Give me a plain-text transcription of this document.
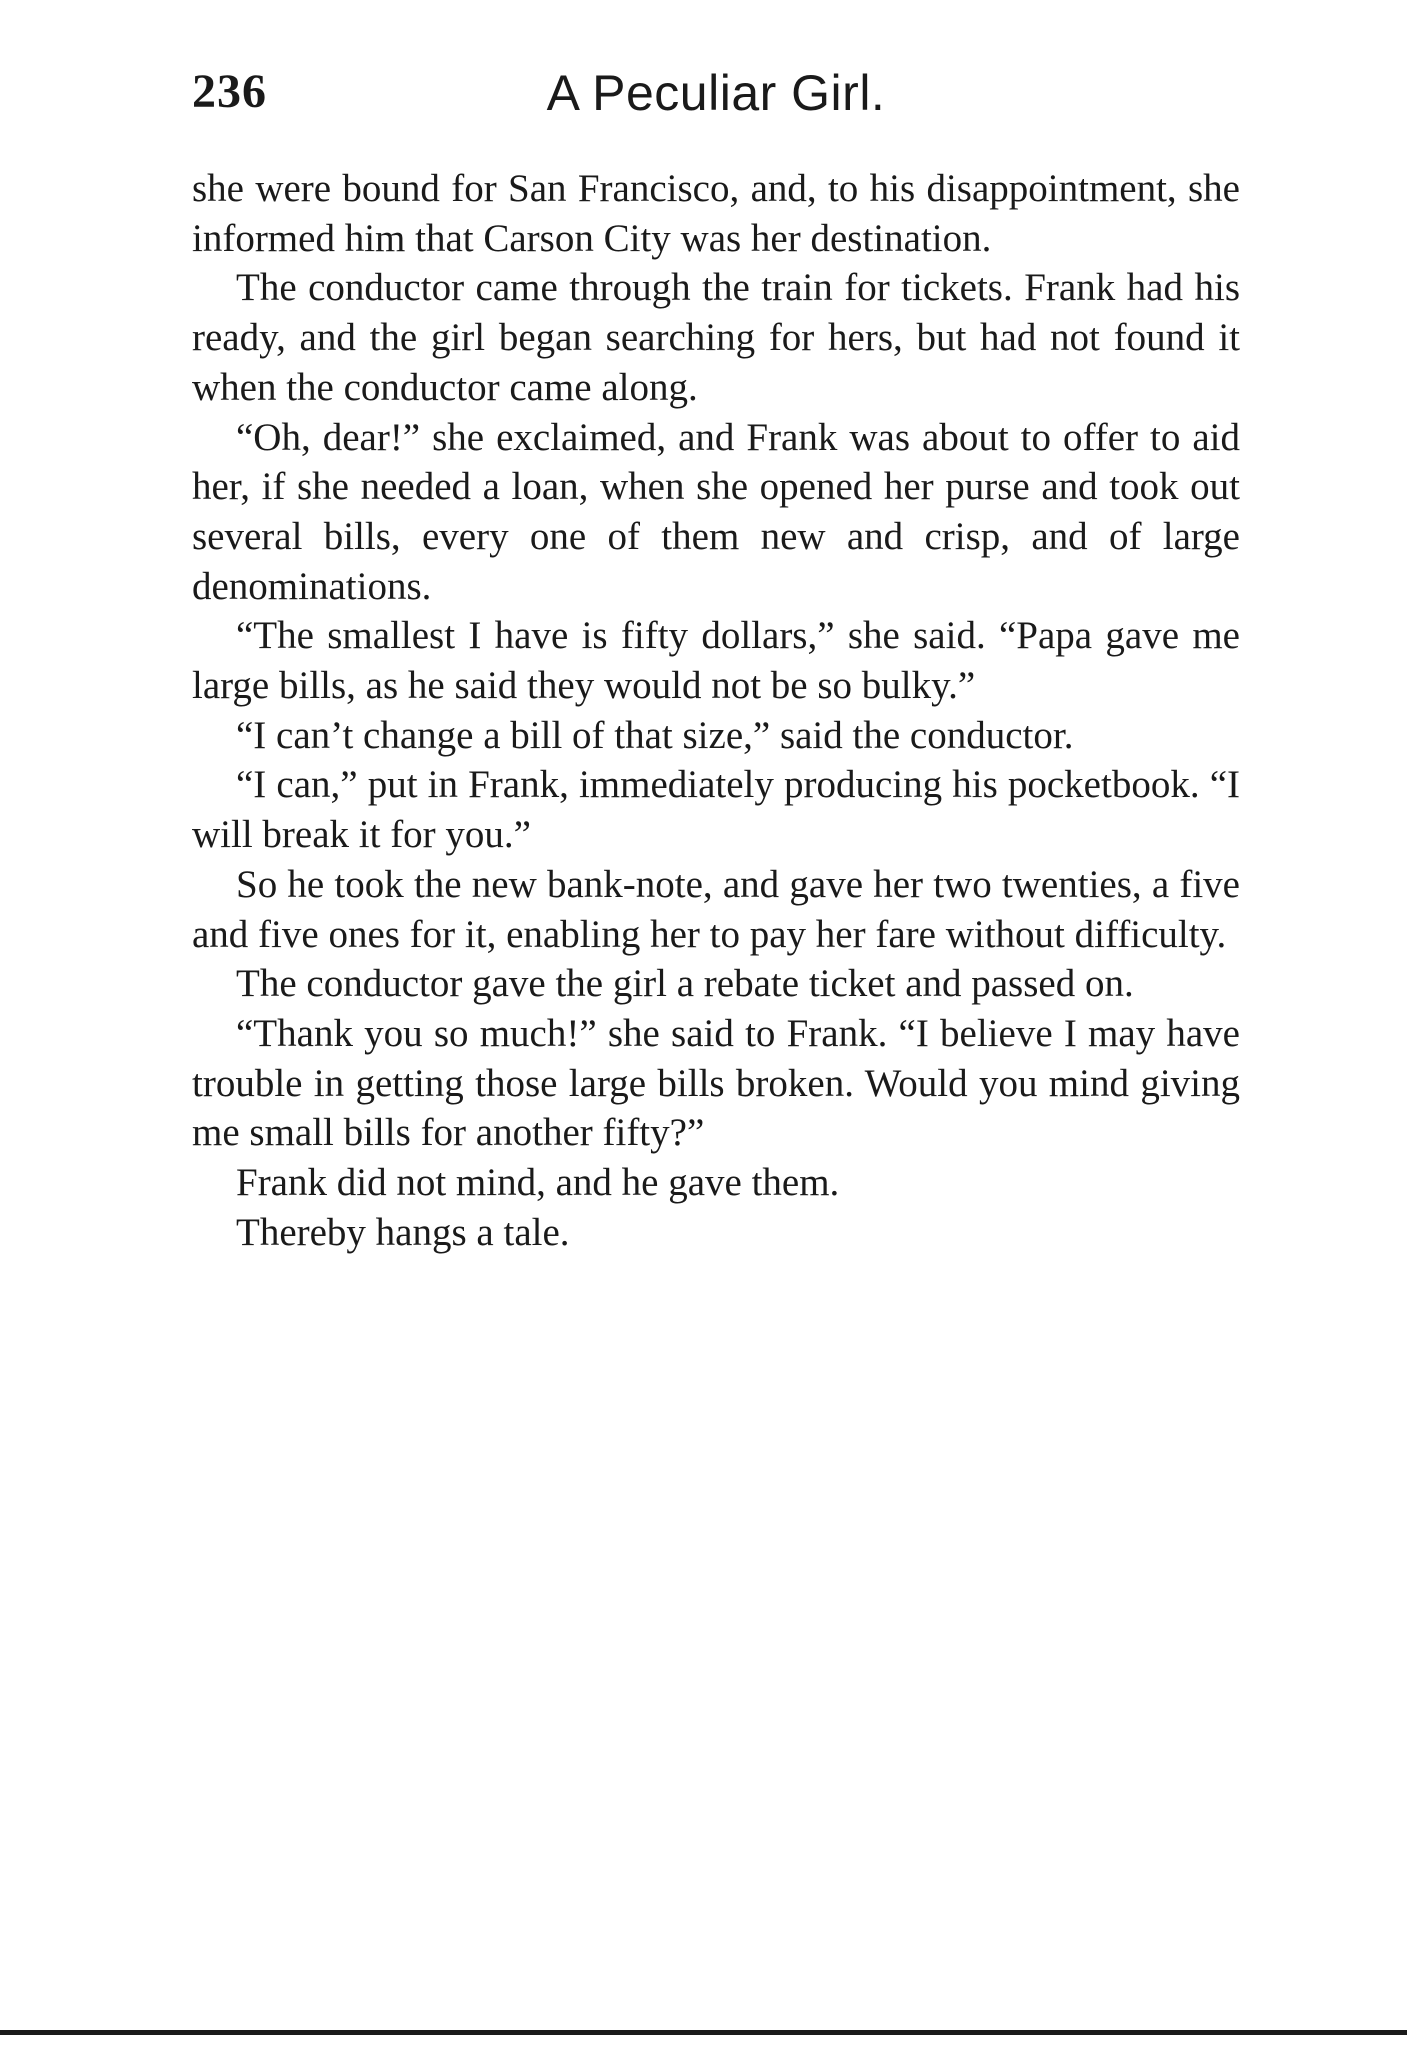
236	A Peculiar Girl.

she were bound for San Francisco, and, to his disappointment, she informed him that Carson City was her destination.

The conductor came through the train for tickets. Frank had his ready, and the girl began searching for hers, but had not found it when the conductor came along.

“Oh, dear!” she exclaimed, and Frank was about to offer to aid her, if she needed a loan, when she opened her purse and took out several bills, every one of them new and crisp, and of large denominations.

“The smallest I have is fifty dollars,” she said. “Papa gave me large bills, as he said they would not be so bulky.”

“I can’t change a bill of that size,” said the conductor.

“I can,” put in Frank, immediately producing his pocketbook. “I will break it for you.”

So he took the new bank-note, and gave her two twenties, a five and five ones for it, enabling her to pay her fare without difficulty.

The conductor gave the girl a rebate ticket and passed on.

“Thank you so much!” she said to Frank. “I believe I may have trouble in getting those large bills broken. Would you mind giving me small bills for another fifty?”

Frank did not mind, and he gave them.

Thereby hangs a tale.
